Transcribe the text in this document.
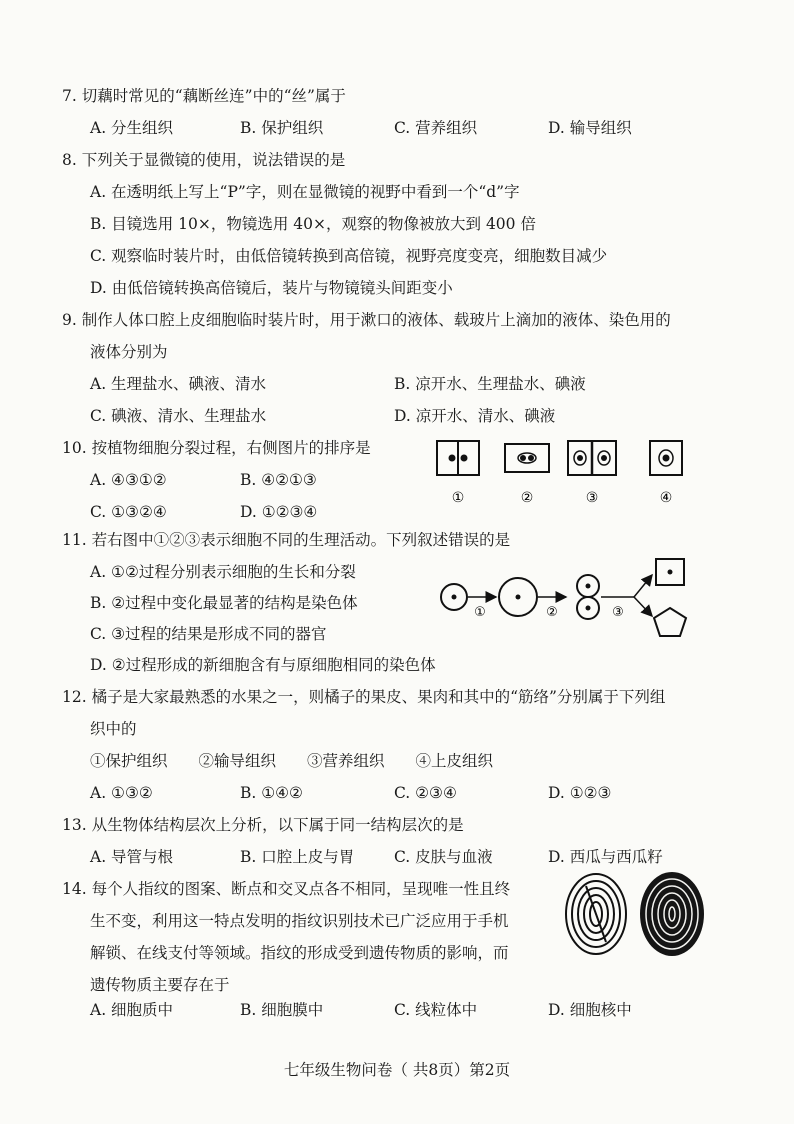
7. 切藕时常见的“藕断丝连”中的“丝”属于
A. 分生组织	B. 保护组织	C. 营养组织	D. 输导组织
8. 下列关于显微镜的使用，说法错误的是
A. 在透明纸上写上“P”字，则在显微镜的视野中看到一个“d”字
B. 目镜选用 10×，物镜选用 40×，观察的物像被放大到 400 倍
C. 观察临时装片时，由低倍镜转换到高倍镜，视野亮度变亮，细胞数目减少
D. 由低倍镜转换高倍镜后，装片与物镜镜头间距变小
9. 制作人体口腔上皮细胞临时装片时，用于漱口的液体、载玻片上滴加的液体、染色用的
液体分别为
A. 生理盐水、碘液、清水	B. 凉开水、生理盐水、碘液
C. 碘液、清水、生理盐水	D. 凉开水、清水、碘液
10. 按植物细胞分裂过程，右侧图片的排序是
A. ④③①②	B. ④②①③
C. ①③②④	D. ①②③④
①	②	③	④
11. 若右图中①②③表示细胞不同的生理活动。下列叙述错误的是
A. ①②过程分别表示细胞的生长和分裂
B. ②过程中变化最显著的结构是染色体
C. ③过程的结果是形成不同的器官
D. ②过程形成的新细胞含有与原细胞相同的染色体
①	②	③
12. 橘子是大家最熟悉的水果之一，则橘子的果皮、果肉和其中的“筋络”分别属于下列组
织中的
①保护组织　　②输导组织　　③营养组织　　④上皮组织
A. ①③②	B. ①④②	C. ②③④	D. ①②③
13. 从生物体结构层次上分析，以下属于同一结构层次的是
A. 导管与根	B. 口腔上皮与胃	C. 皮肤与血液	D. 西瓜与西瓜籽
14. 每个人指纹的图案、断点和交叉点各不相同，呈现唯一性且终
生不变，利用这一特点发明的指纹识别技术已广泛应用于手机
解锁、在线支付等领域。指纹的形成受到遗传物质的影响，而
遗传物质主要存在于
A. 细胞质中	B. 细胞膜中	C. 线粒体中	D. 细胞核中
七年级生物问卷（ 共8页）第2页
